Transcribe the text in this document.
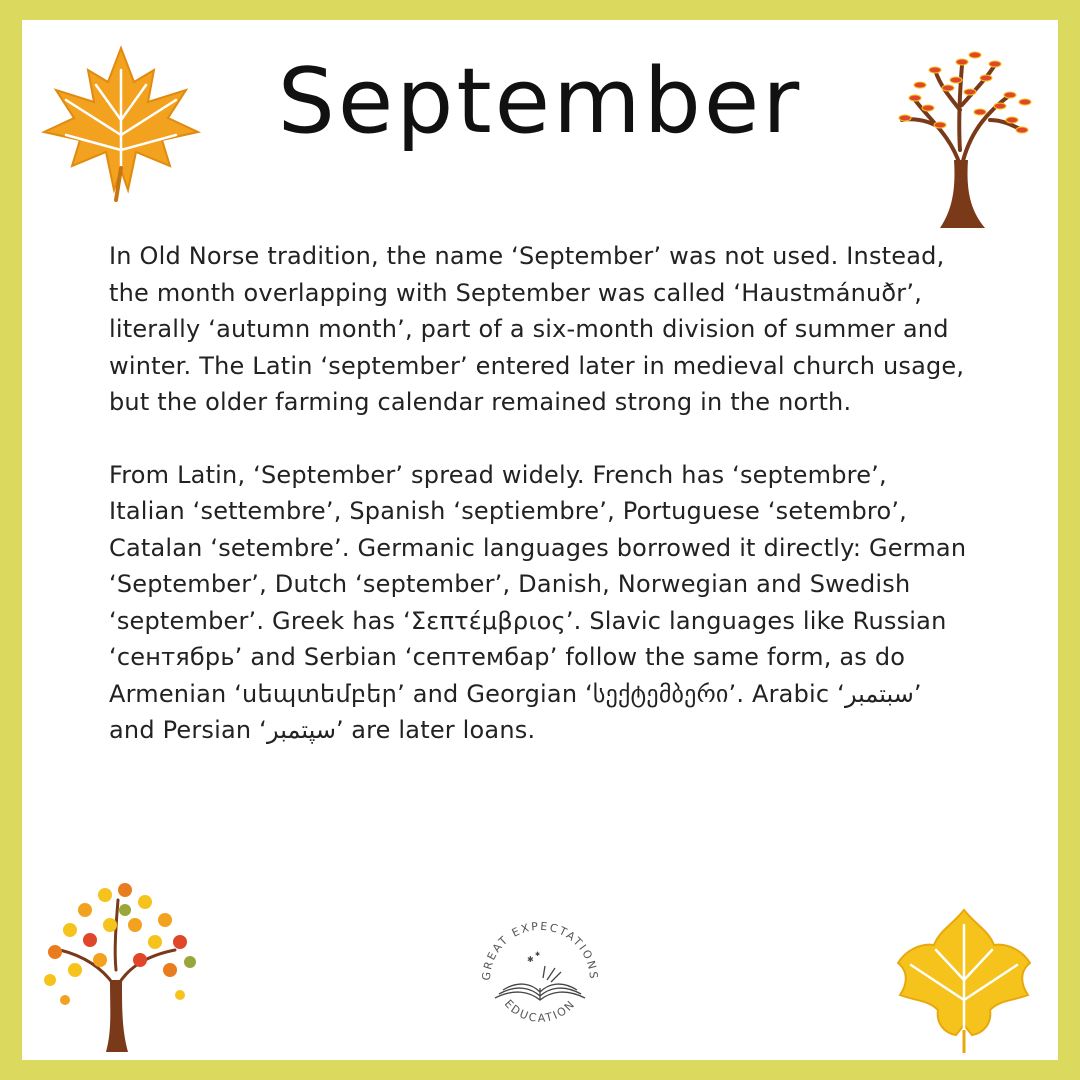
September

In Old Norse tradition, the name ‘September’ was not used. Instead, the month overlapping with September was called ‘Haustmánuðr’, literally ‘autumn month’, part of a six-month division of summer and winter. The Latin ‘september’ entered later in medieval church usage, but the older farming calendar remained strong in the north.

From Latin, ‘September’ spread widely. French has ‘septembre’, Italian ‘settembre’, Spanish ‘septiembre’, Portuguese ‘setembro’, Catalan ‘setembre’. Germanic languages borrowed it directly: German ‘September’, Dutch ‘september’, Danish, Norwegian and Swedish ‘september’. Greek has ‘Σεπτέμβριος’. Slavic languages like Russian ‘сентябрь’ and Serbian ‘септембар’ follow the same form, as do Armenian ‘սեպտեմբեր’ and Georgian ‘სექტემბერი’. Arabic ‘سبتمبر’ and Persian ‘سپتمبر’ are later loans.

GREAT EXPECTATIONS
EDUCATION
✱
✱
